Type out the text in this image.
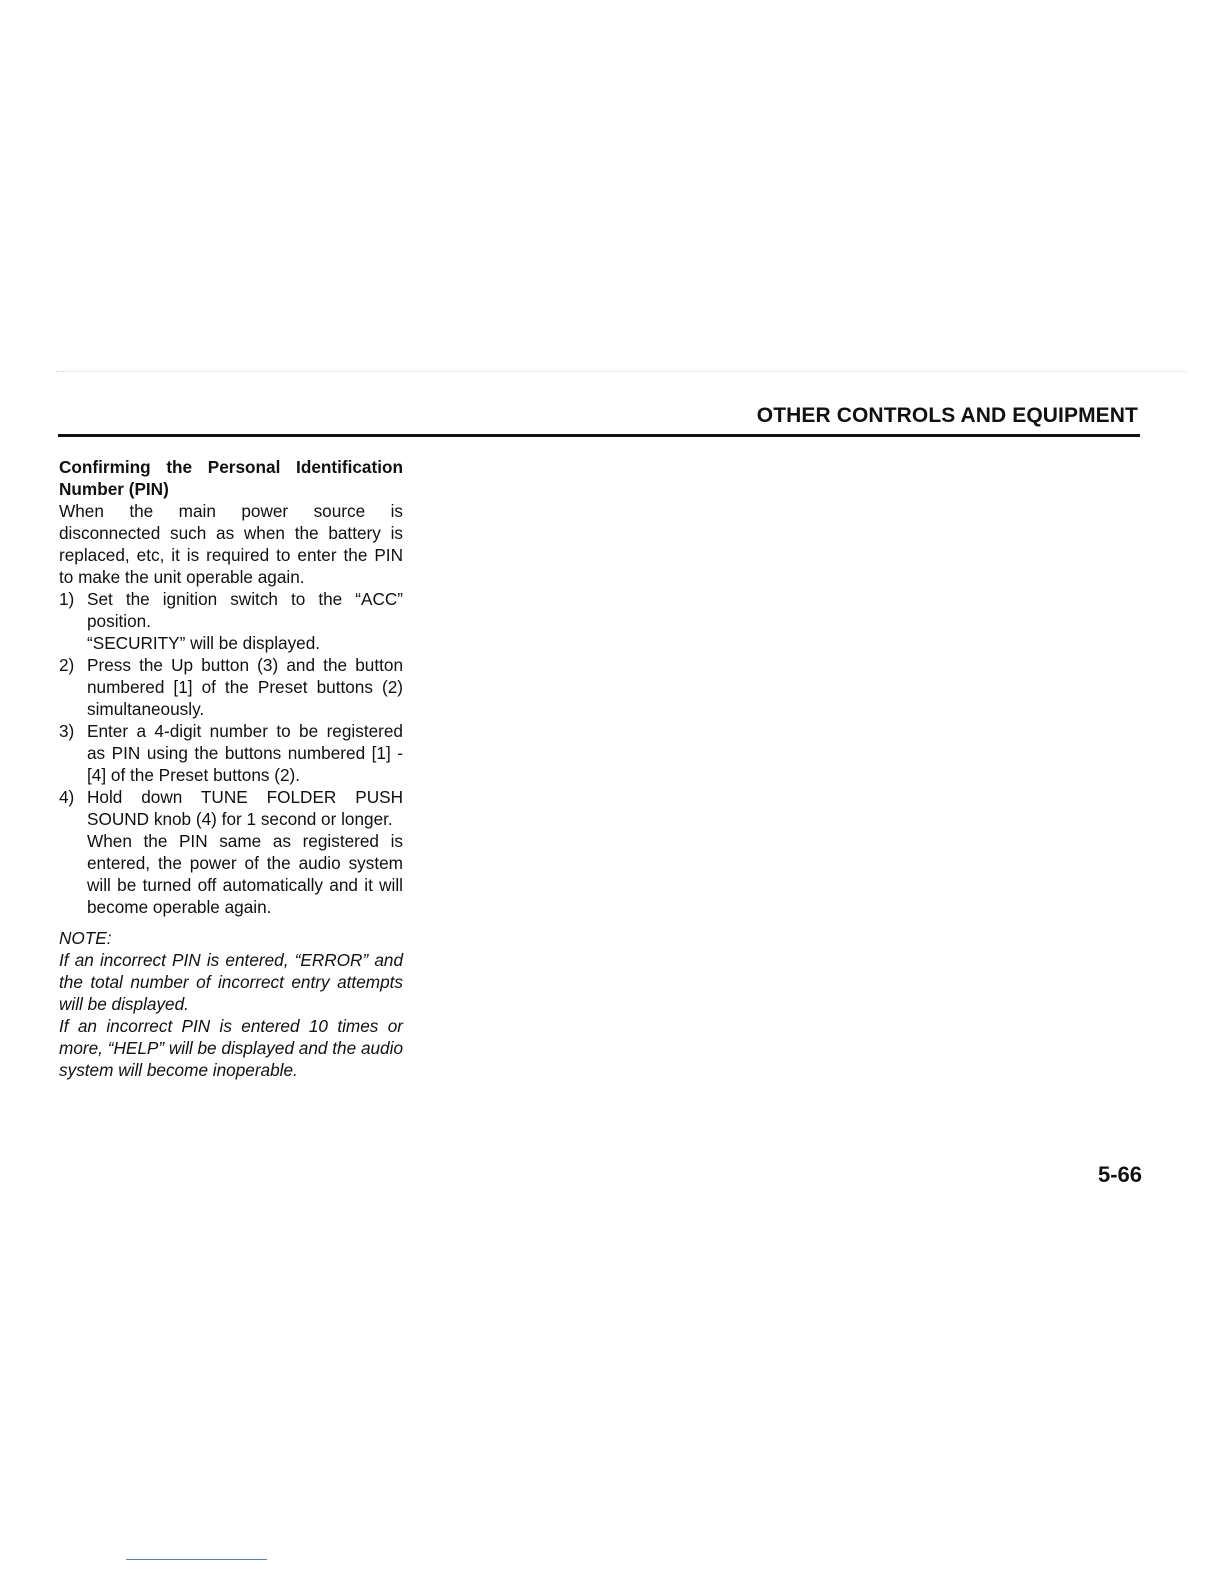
OTHER CONTROLS AND EQUIPMENT

Confirming the Personal Identification Number (PIN)

When the main power source is disconnected such as when the battery is replaced, etc, it is required to enter the PIN to make the unit operable again.

1) Set the ignition switch to the “ACC” position.
“SECURITY” will be displayed.
2) Press the Up button (3) and the button numbered [1] of the Preset buttons (2) simultaneously.
3) Enter a 4-digit number to be registered as PIN using the buttons numbered [1] - [4] of the Preset buttons (2).
4) Hold down TUNE FOLDER PUSH SOUND knob (4) for 1 second or longer.
When the PIN same as registered is entered, the power of the audio system will be turned off automatically and it will become operable again.

NOTE:

If an incorrect PIN is entered, “ERROR” and the total number of incorrect entry attempts will be displayed.

If an incorrect PIN is entered 10 times or more, “HELP” will be displayed and the audio system will become inoperable.

5-66
